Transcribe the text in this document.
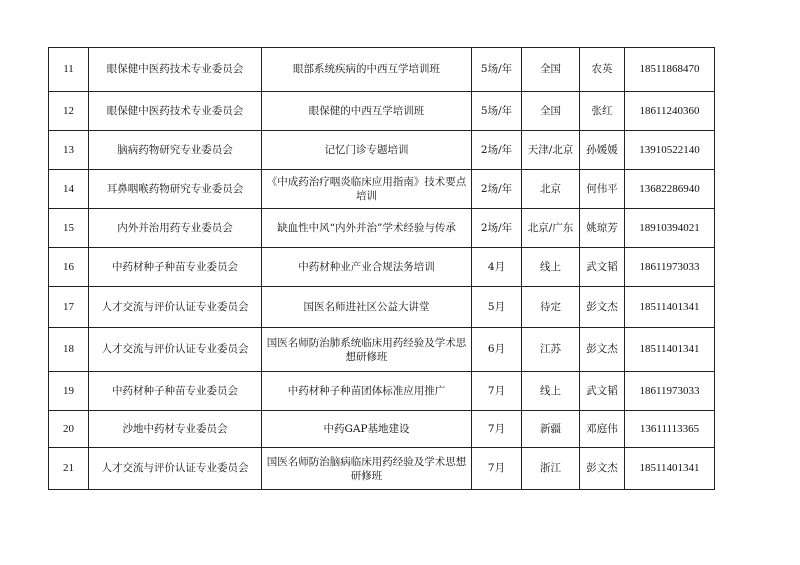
11	眼保健中医药技术专业委员会	眼部系统疾病的中西互学培训班	5场/年	全国	农英	18511868470
12	眼保健中医药技术专业委员会	眼保健的中西互学培训班	5场/年	全国	张红	18611240360
13	脑病药物研究专业委员会	记忆门诊专题培训	2场/年	天津/北京	孙媛媛	13910522140
14	耳鼻咽喉药物研究专业委员会	《中成药治疗咽炎临床应用指南》技术要点培训	2场/年	北京	何伟平	13682286940
15	内外并治用药专业委员会	缺血性中风“内外并治”学术经验与传承	2场/年	北京/广东	姚琼芳	18910394021
16	中药材种子种苗专业委员会	中药材种业产业合规法务培训	4月	线上	武文韬	18611973033
17	人才交流与评价认证专业委员会	国医名师进社区公益大讲堂	5月	待定	彭文杰	18511401341
18	人才交流与评价认证专业委员会	国医名师防治肺系统临床用药经验及学术思想研修班	6月	江苏	彭文杰	18511401341
19	中药材种子种苗专业委员会	中药材种子种苗团体标准应用推广	7月	线上	武文韬	18611973033
20	沙地中药材专业委员会	中药GAP基地建设	7月	新疆	邓庭伟	13611113365
21	人才交流与评价认证专业委员会	国医名师防治脑病临床用药经验及学术思想研修班	7月	浙江	彭文杰	18511401341
